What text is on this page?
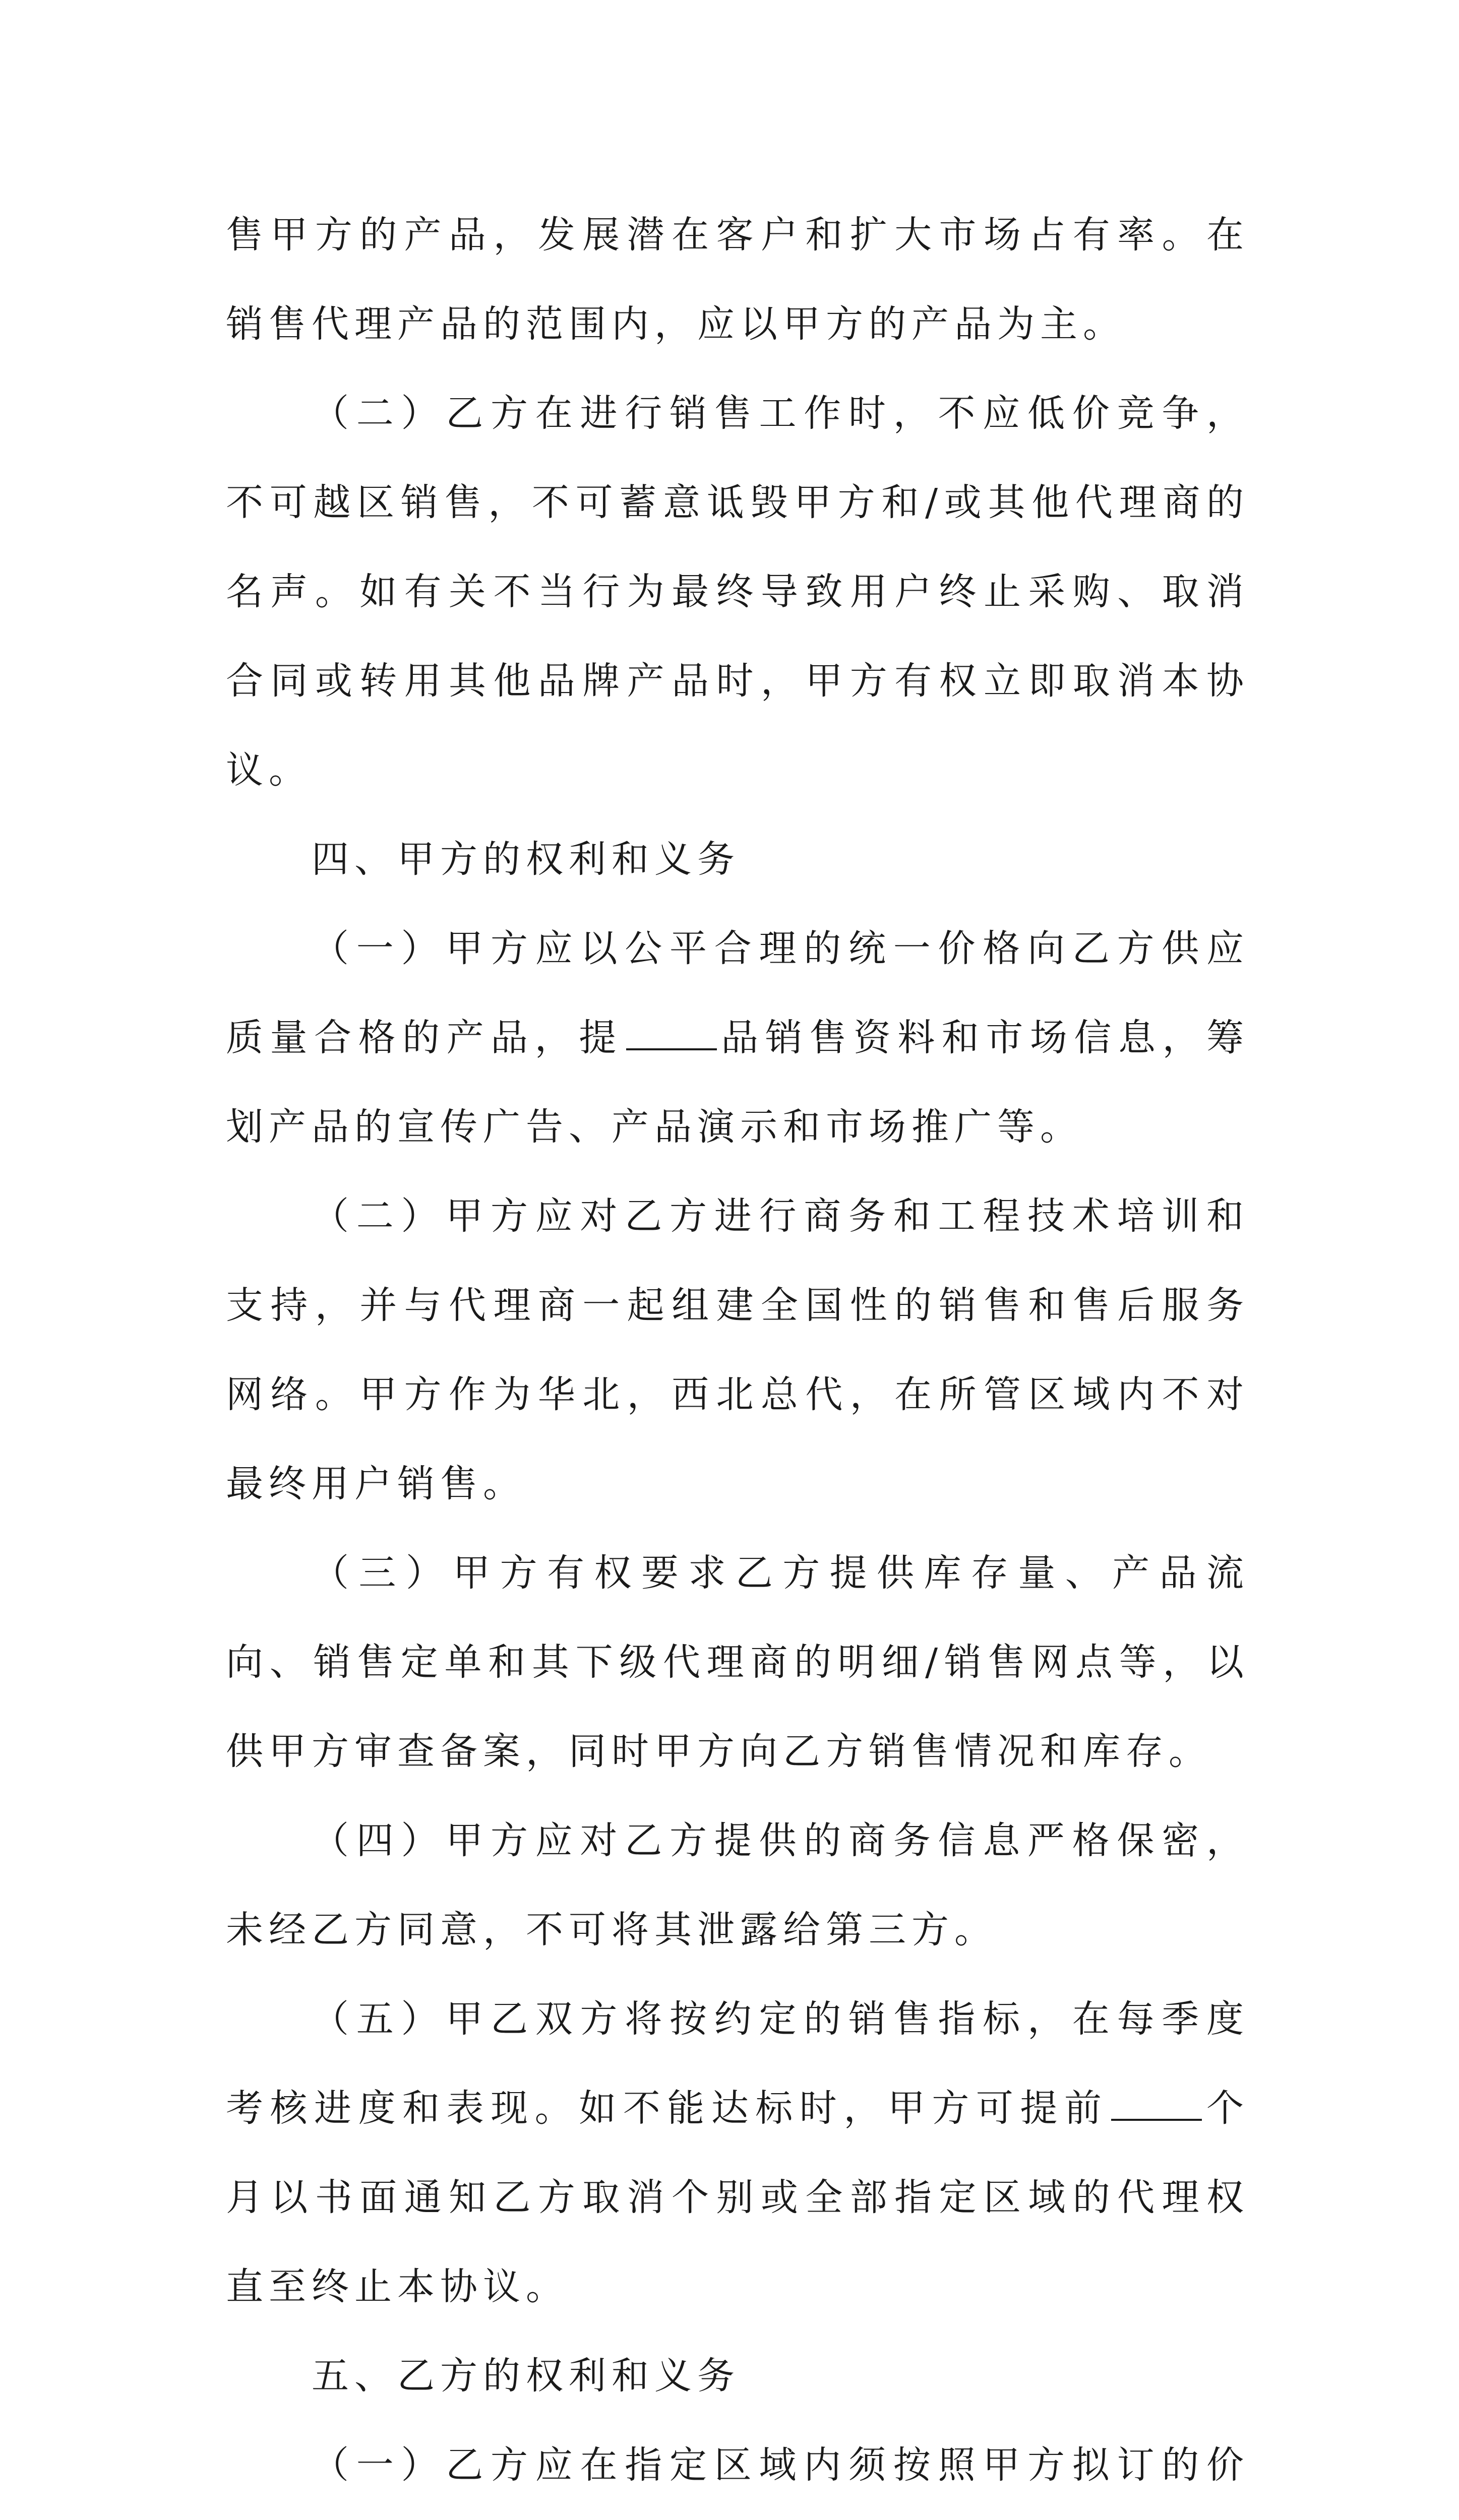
售甲方的产品，发展潜在客户和扩大市场占有率。在销售代理产品的范围内，应以甲方的产品为主。

（二）乙方在进行销售工作时，不应低价竞争，不可越区销售，不可蓄意诋毁甲方和/或其他代理商的名声。如有关不当行为最终导致用户终止采购、取消合同或转用其他品牌产品时，甲方有权立即取消本协议。

四、甲方的权利和义务

（一）甲方应以公平合理的统一价格向乙方供应质量合格的产品，提	品销售资料和市场信息，筹划产品的宣传广告、产品演示和市场推广等。

（二）甲方应对乙方进行商务和工程技术培训和支持，并与代理商一起组建全国性的销售和售后服务网络。甲方作为华北，西北总代，在所管区域内不对最终用户销售。

（三）甲方有权要求乙方提供库存量、产品流向、销售定单和其下级代理商的明细/销售网点等，以供甲方审查备案，同时甲方向乙方销售情况和库存。

（四）甲方应对乙方提供的商务信息严格保密，未经乙方同意，不可将其泄露给第三方。

（五）甲乙双方将按约定的销售指标，在每季度考核进度和表现。如不能达标时，甲方可提前	个月以书面通知乙方取消个别或全部指定区域的代理权直至终止本协议。

五、乙方的权利和义务

（一）乙方应在指定区域内须按照甲方拟订的价
